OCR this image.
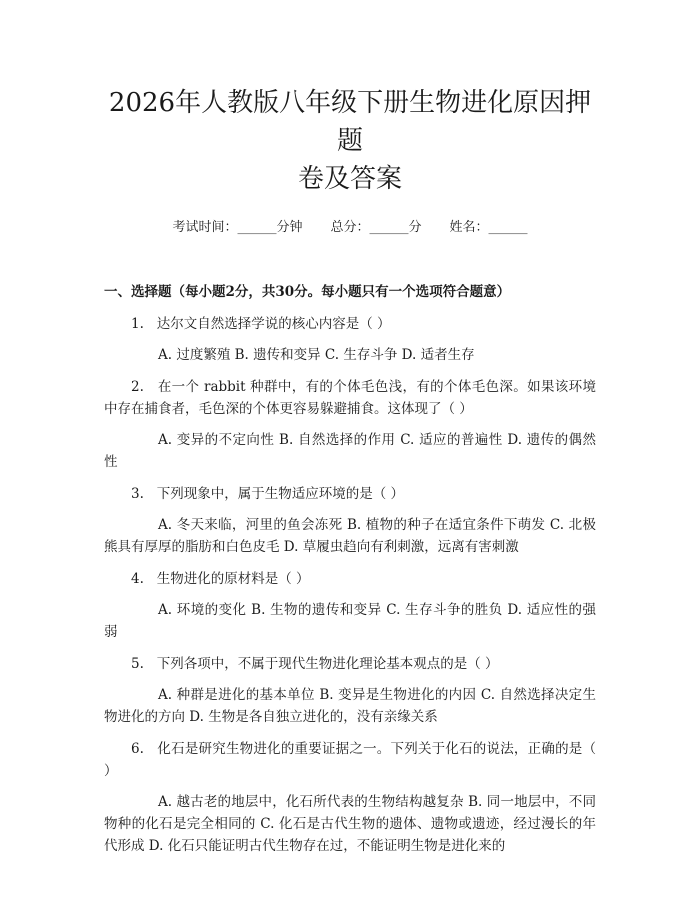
2026年人教版八年级下册生物进化原因押题
卷及答案
考试时间：______分钟 总分：______分 姓名：______
一、选择题（每小题2分，共30分。每小题只有一个选项符合题意）
1. 达尔文自然选择学说的核心内容是（ ）
A. 过度繁殖 B. 遗传和变异 C. 生存斗争 D. 适者生存
2. 在一个 rabbit 种群中，有的个体毛色浅，有的个体毛色深。如果该环境中存在捕食者，毛色深的个体更容易躲避捕食。这体现了（ ）
A. 变异的不定向性 B. 自然选择的作用 C. 适应的普遍性 D. 遗传的偶然性
3. 下列现象中，属于生物适应环境的是（ ）
A. 冬天来临，河里的鱼会冻死 B. 植物的种子在适宜条件下萌发 C. 北极熊具有厚厚的脂肪和白色皮毛 D. 草履虫趋向有利刺激，远离有害刺激
4. 生物进化的原材料是（ ）
A. 环境的变化 B. 生物的遗传和变异 C. 生存斗争的胜负 D. 适应性的强弱
5. 下列各项中，不属于现代生物进化理论基本观点的是（ ）
A. 种群是进化的基本单位 B. 变异是生物进化的内因 C. 自然选择决定生物进化的方向 D. 生物是各自独立进化的，没有亲缘关系
6. 化石是研究生物进化的重要证据之一。下列关于化石的说法，正确的是（ ）
A. 越古老的地层中，化石所代表的生物结构越复杂 B. 同一地层中，不同物种的化石是完全相同的 C. 化石是古代生物的遗体、遗物或遗迹，经过漫长的年代形成 D. 化石只能证明古代生物存在过，不能证明生物是进化来的
